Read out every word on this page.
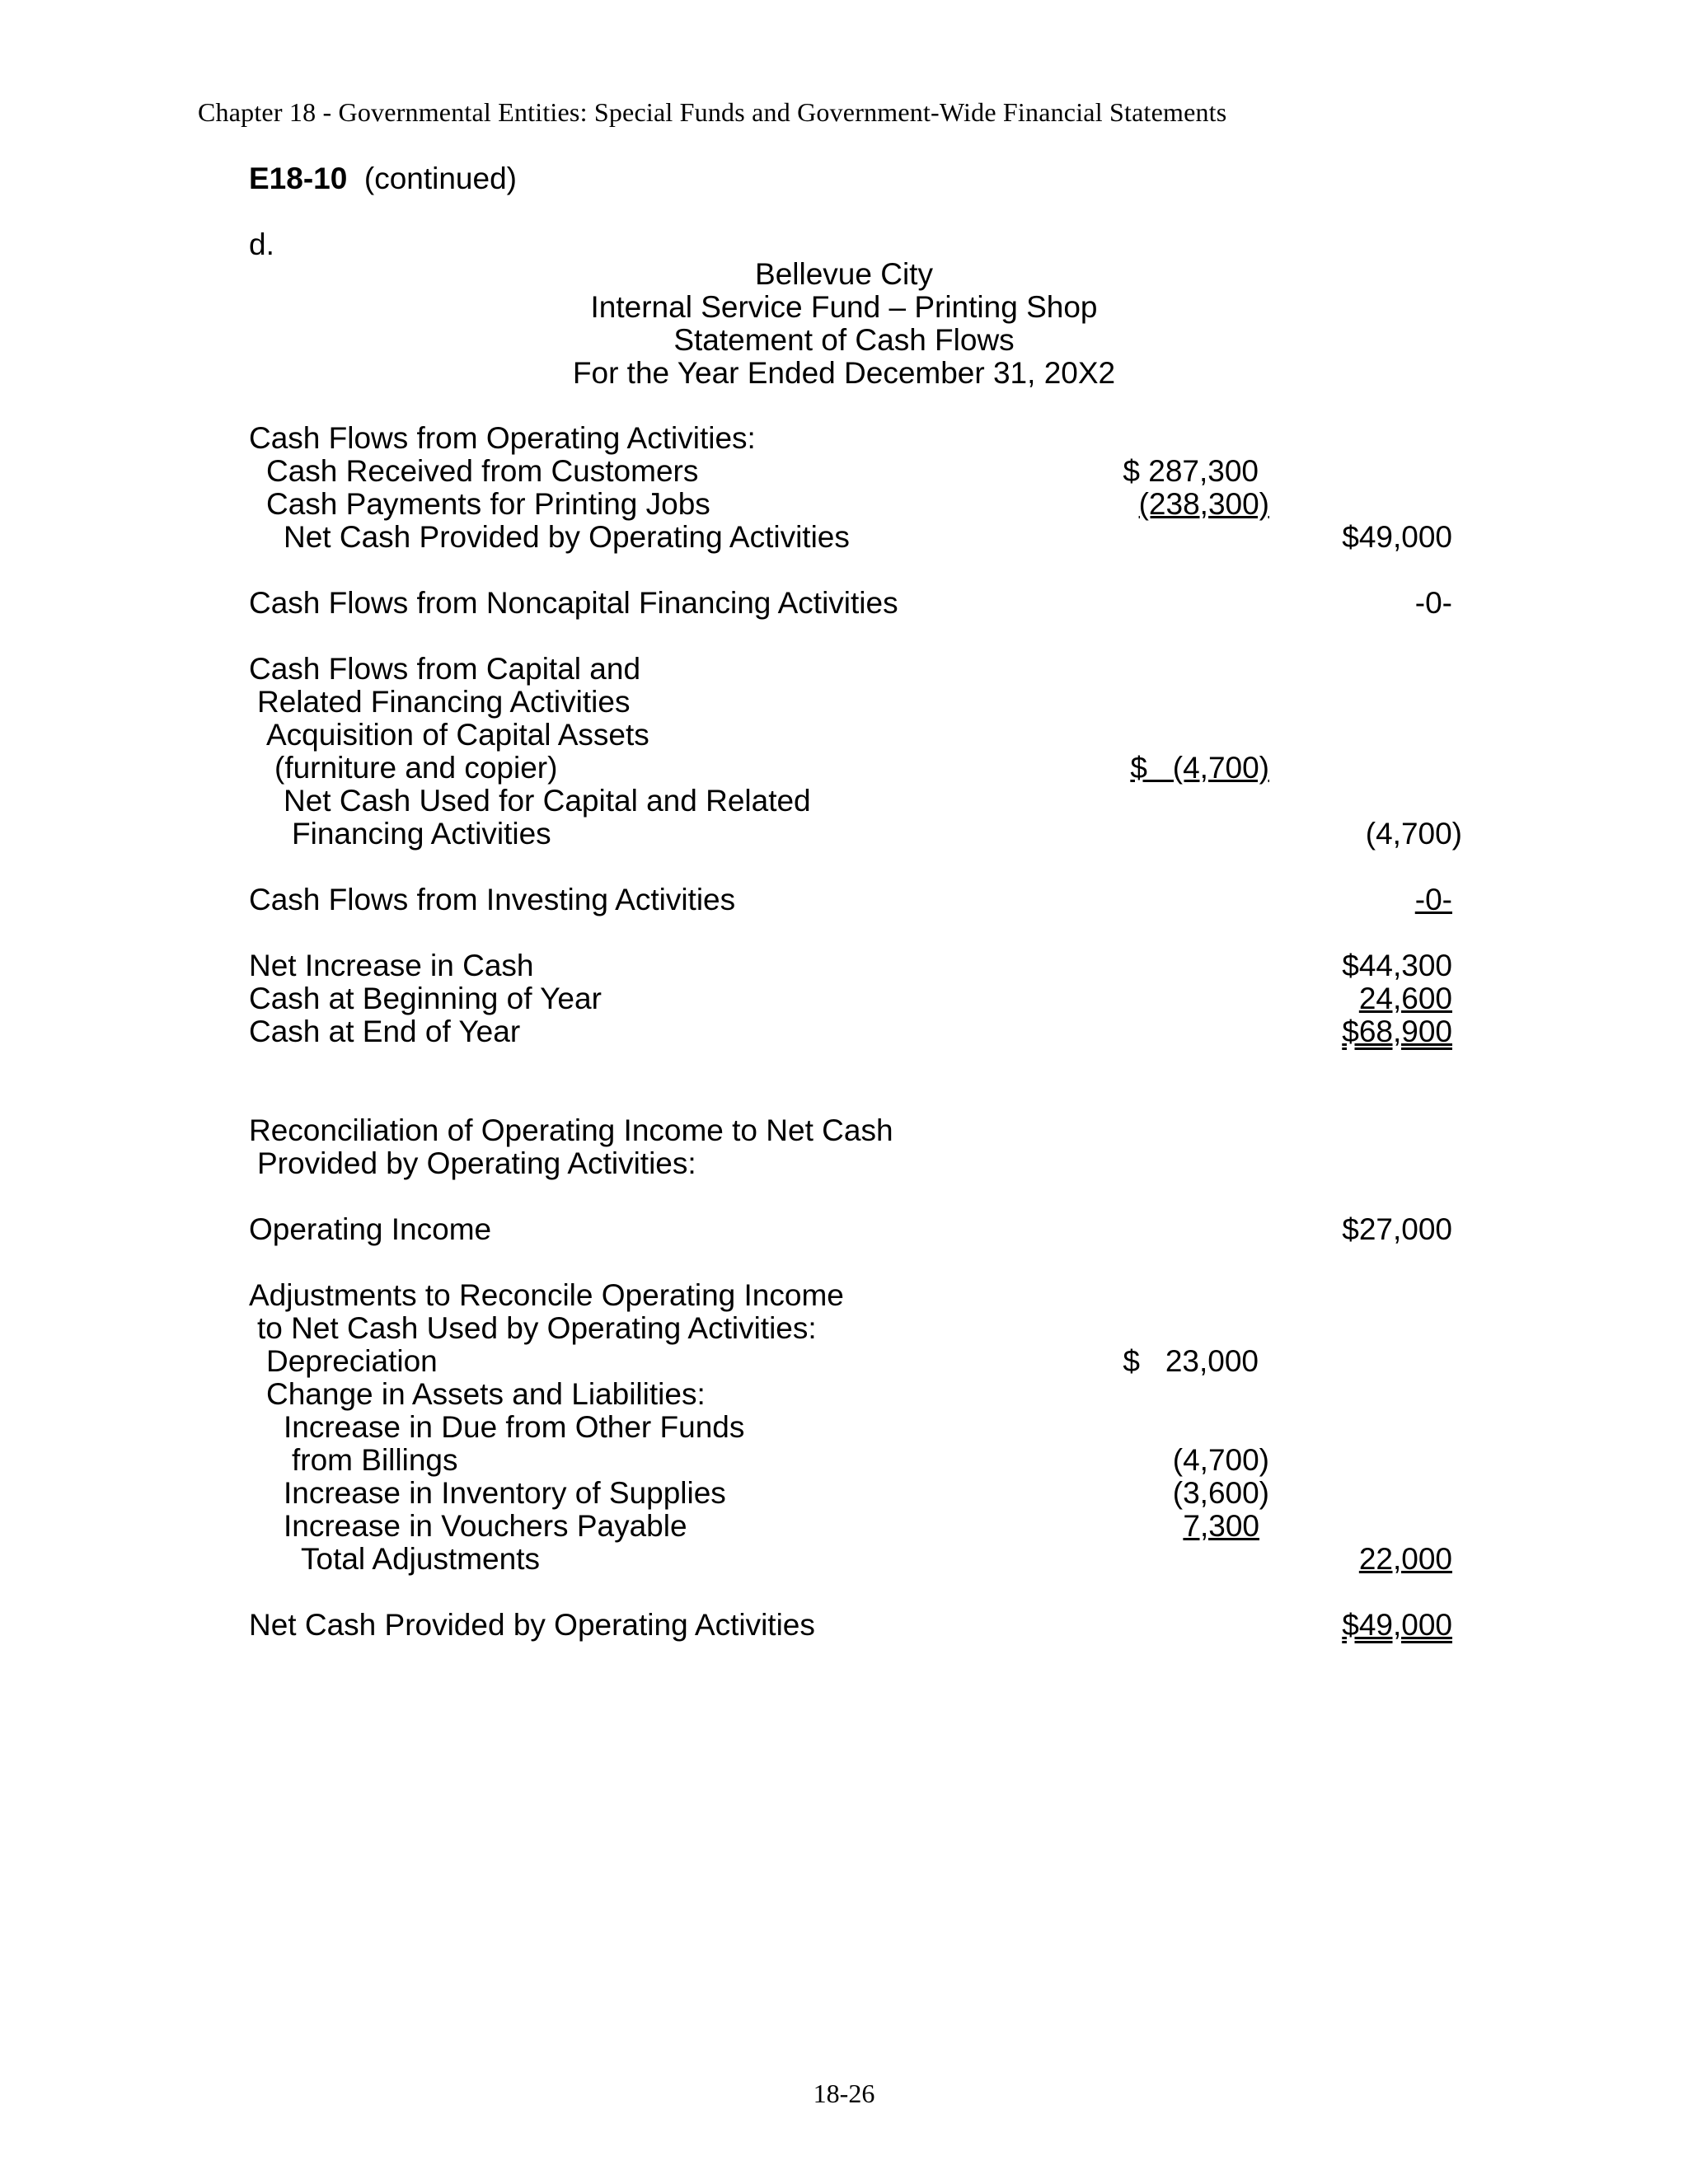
Chapter 18 - Governmental Entities: Special Funds and Government-Wide Financial Statements
E18-10 (continued)
d.
Bellevue City
Internal Service Fund – Printing Shop
Statement of Cash Flows
For the Year Ended December 31, 20X2
Cash Flows from Operating Activities:
Cash Received from Customers	$ 287,300
Cash Payments for Printing Jobs	(238,300)
Net Cash Provided by Operating Activities	$49,000
Cash Flows from Noncapital Financing Activities	-0-
Cash Flows from Capital and
Related Financing Activities
Acquisition of Capital Assets
(furniture and copier)	$   (4,700)
Net Cash Used for Capital and Related
Financing Activities	(4,700)
Cash Flows from Investing Activities	-0-
Net Increase in Cash	$44,300
Cash at Beginning of Year	24,600
Cash at End of Year	$68,900
Reconciliation of Operating Income to Net Cash
Provided by Operating Activities:
Operating Income	$27,000
Adjustments to Reconcile Operating Income
to Net Cash Used by Operating Activities:
Depreciation	$   23,000
Change in Assets and Liabilities:
Increase in Due from Other Funds
from Billings	(4,700)
Increase in Inventory of Supplies	(3,600)
Increase in Vouchers Payable	7,300
Total Adjustments	22,000
Net Cash Provided by Operating Activities	$49,000
18-26
